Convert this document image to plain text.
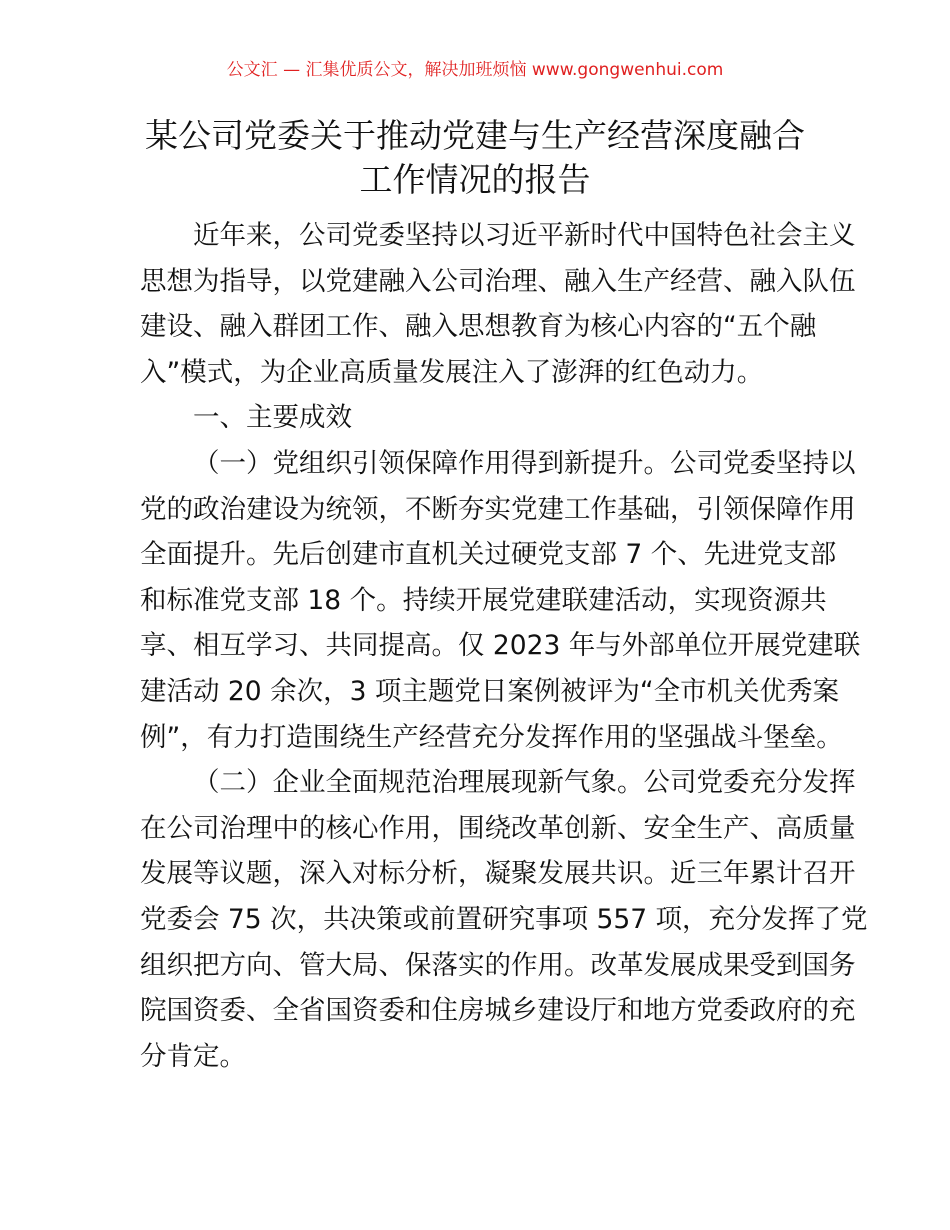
公文汇 — 汇集优质公文，解决加班烦恼 www.gongwenhui.com
某公司党委关于推动党建与生产经营深度融合
工作情况的报告
近年来，公司党委坚持以习近平新时代中国特色社会主义
思想为指导，以党建融入公司治理、融入生产经营、融入队伍
建设、融入群团工作、融入思想教育为核心内容的“五个融
入”模式，为企业高质量发展注入了澎湃的红色动力。
一、主要成效
（一）党组织引领保障作用得到新提升。公司党委坚持以
党的政治建设为统领，不断夯实党建工作基础，引领保障作用
全面提升。先后创建市直机关过硬党支部 7 个、先进党支部
和标准党支部 18 个。持续开展党建联建活动，实现资源共
享、相互学习、共同提高。仅 2023 年与外部单位开展党建联
建活动 20 余次，3 项主题党日案例被评为“全市机关优秀案
例”，有力打造围绕生产经营充分发挥作用的坚强战斗堡垒。
（二）企业全面规范治理展现新气象。公司党委充分发挥
在公司治理中的核心作用，围绕改革创新、安全生产、高质量
发展等议题，深入对标分析，凝聚发展共识。近三年累计召开
党委会 75 次，共决策或前置研究事项 557 项，充分发挥了党
组织把方向、管大局、保落实的作用。改革发展成果受到国务
院国资委、全省国资委和住房城乡建设厅和地方党委政府的充
分肯定。
